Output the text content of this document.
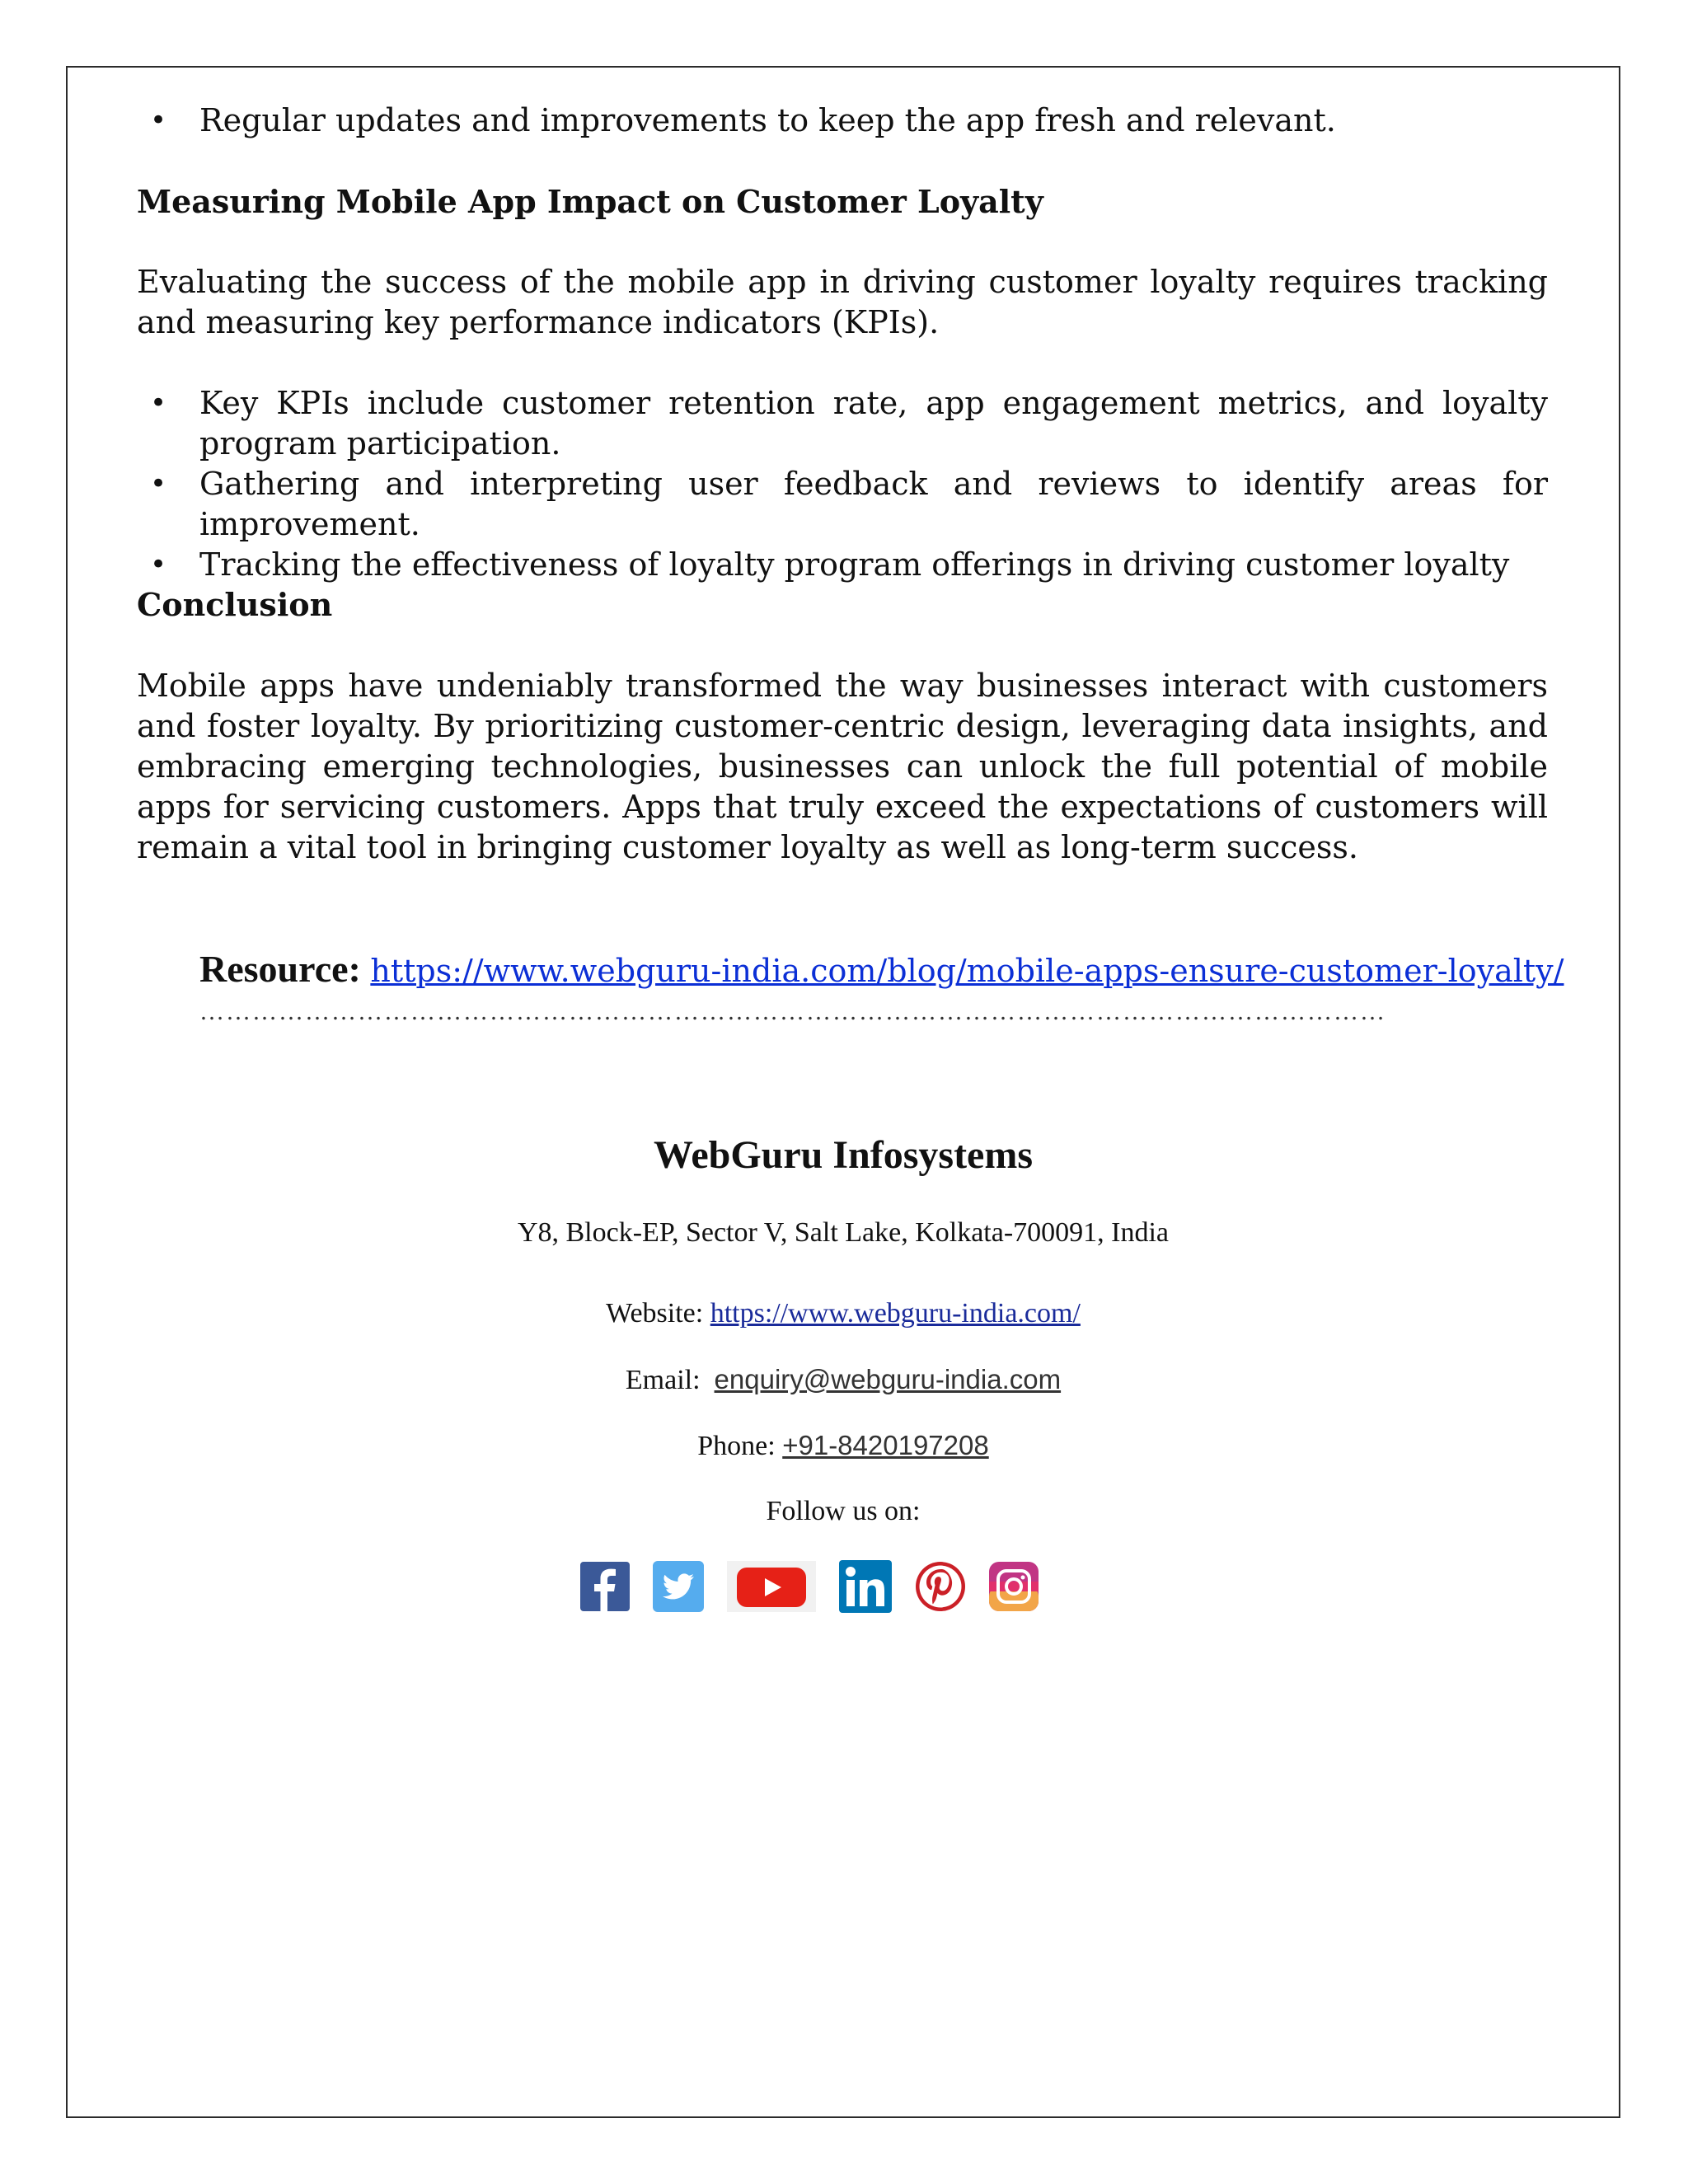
• Regular updates and improvements to keep the app fresh and relevant.
Measuring Mobile App Impact on Customer Loyalty
Evaluating the success of the mobile app in driving customer loyalty requires tracking and measuring key performance indicators (KPIs).
• Key KPIs include customer retention rate, app engagement metrics, and loyalty program participation.
• Gathering and interpreting user feedback and reviews to identify areas for improvement.
• Tracking the effectiveness of loyalty program offerings in driving customer loyalty
Conclusion
Mobile apps have undeniably transformed the way businesses interact with customers and foster loyalty. By prioritizing customer-centric design, leveraging data insights, and embracing emerging technologies, businesses can unlock the full potential of mobile apps for servicing customers. Apps that truly exceed the expectations of customers will remain a vital tool in bringing customer loyalty as well as long-term success.
Resource: https://www.webguru-india.com/blog/mobile-apps-ensure-customer-loyalty/
………………………………………………………………………………………………………………………
WebGuru Infosystems
Y8, Block-EP, Sector V, Salt Lake, Kolkata-700091, India
Website: https://www.webguru-india.com/
Email: enquiry@webguru-india.com
Phone: +91-8420197208
Follow us on:
